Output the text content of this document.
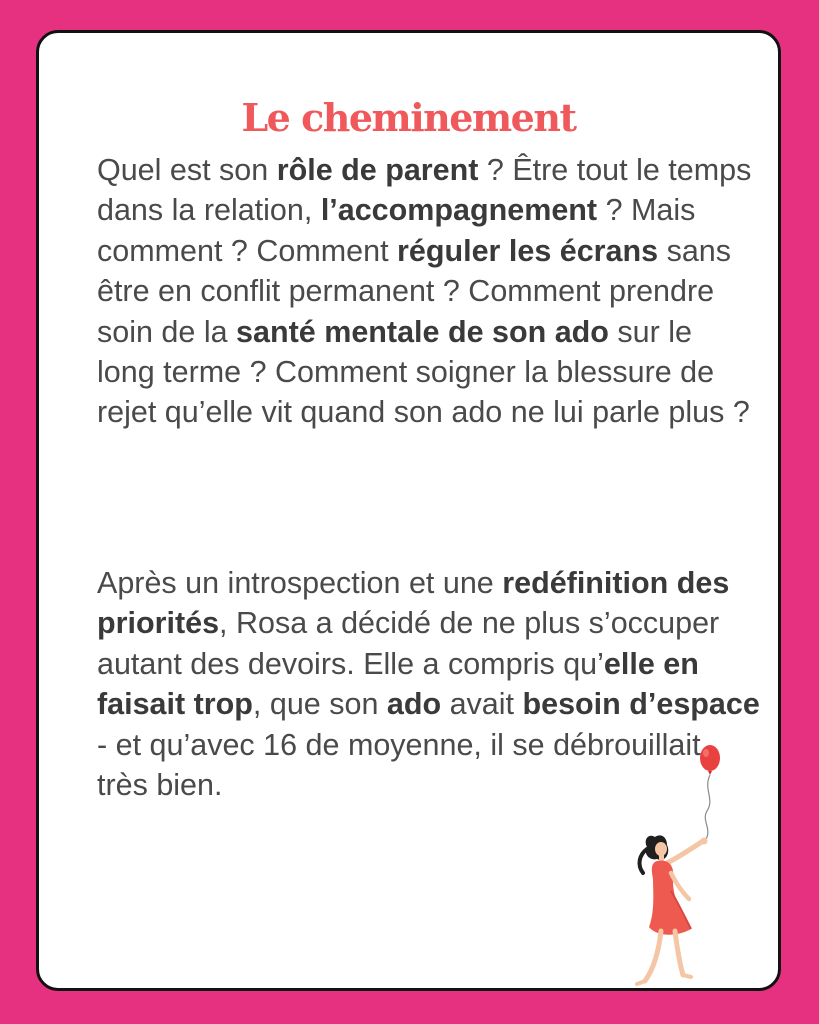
Le cheminement

Quel est son rôle de parent ? Être tout le temps dans la relation, l’accompagnement ? Mais comment ? Comment réguler les écrans sans être en conflit permanent ? Comment prendre soin de la santé mentale de son ado sur le long terme ? Comment soigner la blessure de rejet qu’elle vit quand son ado ne lui parle plus ?

Après un introspection et une redéfinition des priorités, Rosa a décidé de ne plus s’occuper autant des devoirs. Elle a compris qu’elle en faisait trop, que son ado avait besoin d’espace - et qu’avec 16 de moyenne, il se débrouillait
très bien.
